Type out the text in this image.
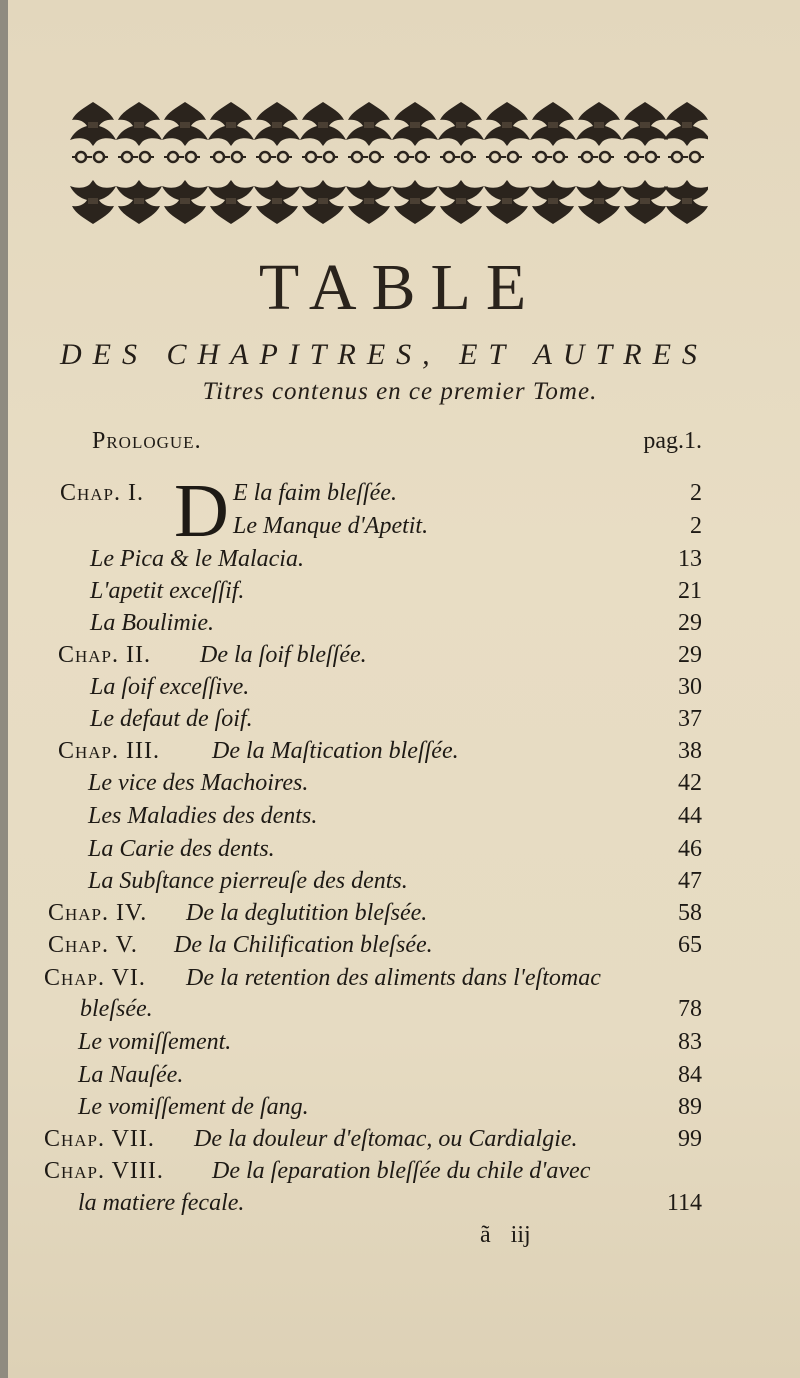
TABLE
DES CHAPITRES, ET AUTRES
Titres contenus en ce premier Tome.
Prologue.	pag.1.
D
Chap. I.	E la faim bleſſée.	2
Le Manque d'Apetit.	2
Le Pica & le Malacia.	13
L'apetit exceſſif.	21
La Boulimie.	29
Chap. II. De la ſoif bleſſée.	29
La ſoif exceſſive.	30
Le defaut de ſoif.	37
Chap. III. De la Maſtication bleſſée.	38
Le vice des Machoires.	42
Les Maladies des dents.	44
La Carie des dents.	46
La Subſtance pierreuſe des dents.	47
Chap. IV. De la deglutition bleſsée.	58
Chap. V. De la Chilification bleſsée.	65
Chap. VI. De la retention des aliments dans l'eſtomac
bleſsée.	78
Le vomiſſement.	83
La Nauſée.	84
Le vomiſſement de ſang.	89
Chap. VII. De la douleur d'eſtomac, ou Cardialgie.	99
Chap. VIII. De la ſeparation bleſſée du chile d'avec
la matiere fecale.	114
ã iij
